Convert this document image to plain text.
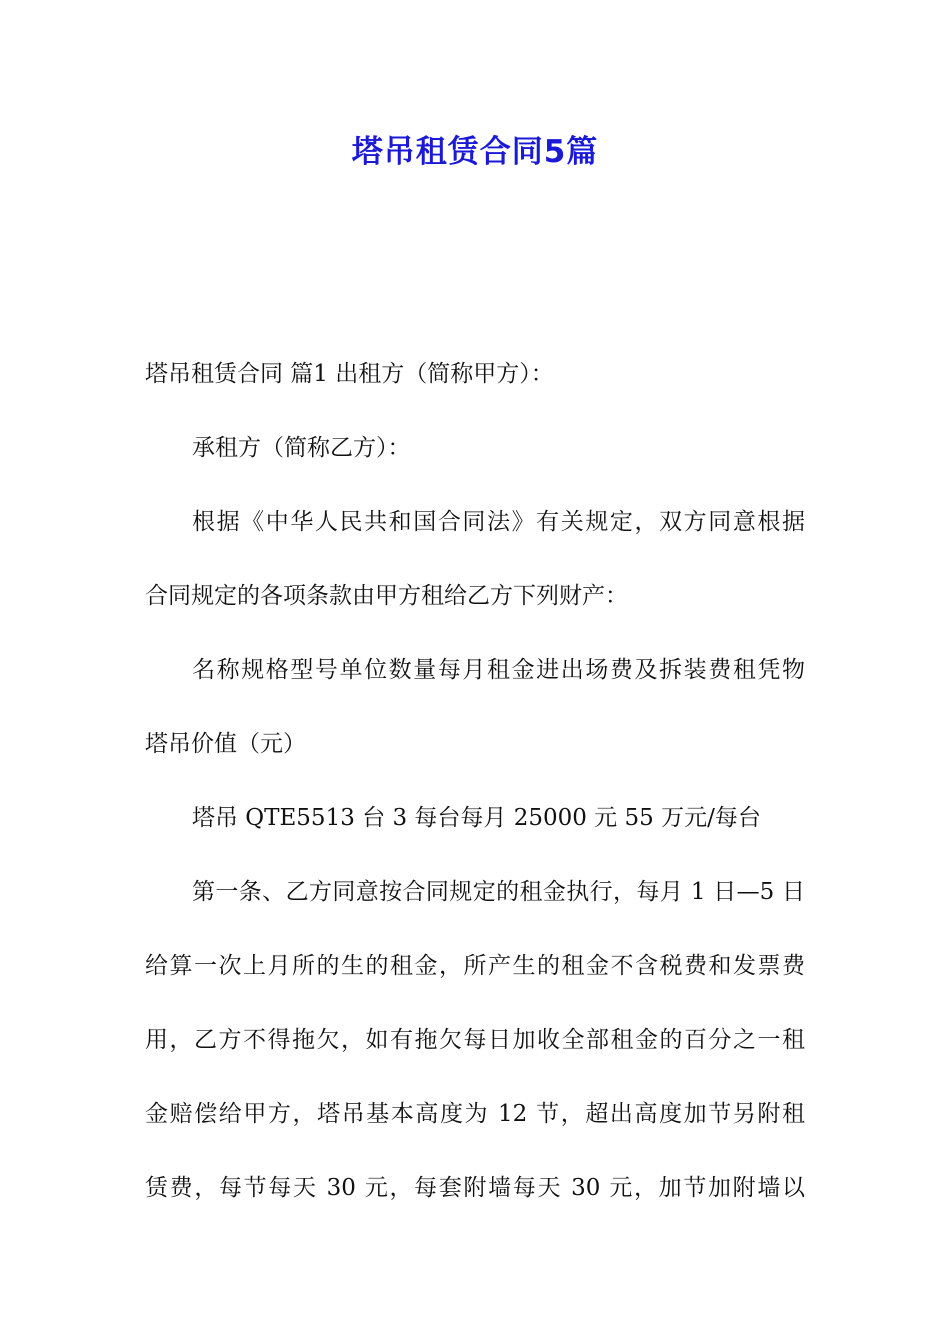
塔吊租赁合同5篇
塔吊租赁合同 篇1 出租方（简称甲方）：
承租方（简称乙方）：
根据《中华人民共和国合同法》有关规定，双方同意根据
合同规定的各项条款由甲方租给乙方下列财产：
名称规格型号单位数量每月租金进出场费及拆装费租凭物
塔吊价值（元）
塔吊 QTE5513 台 3 每台每月 25000 元 55 万元/每台
第一条、乙方同意按合同规定的租金执行，每月 1 日—5 日
给算一次上月所的生的租金，所产生的租金不含税费和发票费
用，乙方不得拖欠，如有拖欠每日加收全部租金的百分之一租
金赔偿给甲方，塔吊基本高度为 12 节，超出高度加节另附租
赁费，每节每天 30 元，每套附墙每天 30 元，加节加附墙以
